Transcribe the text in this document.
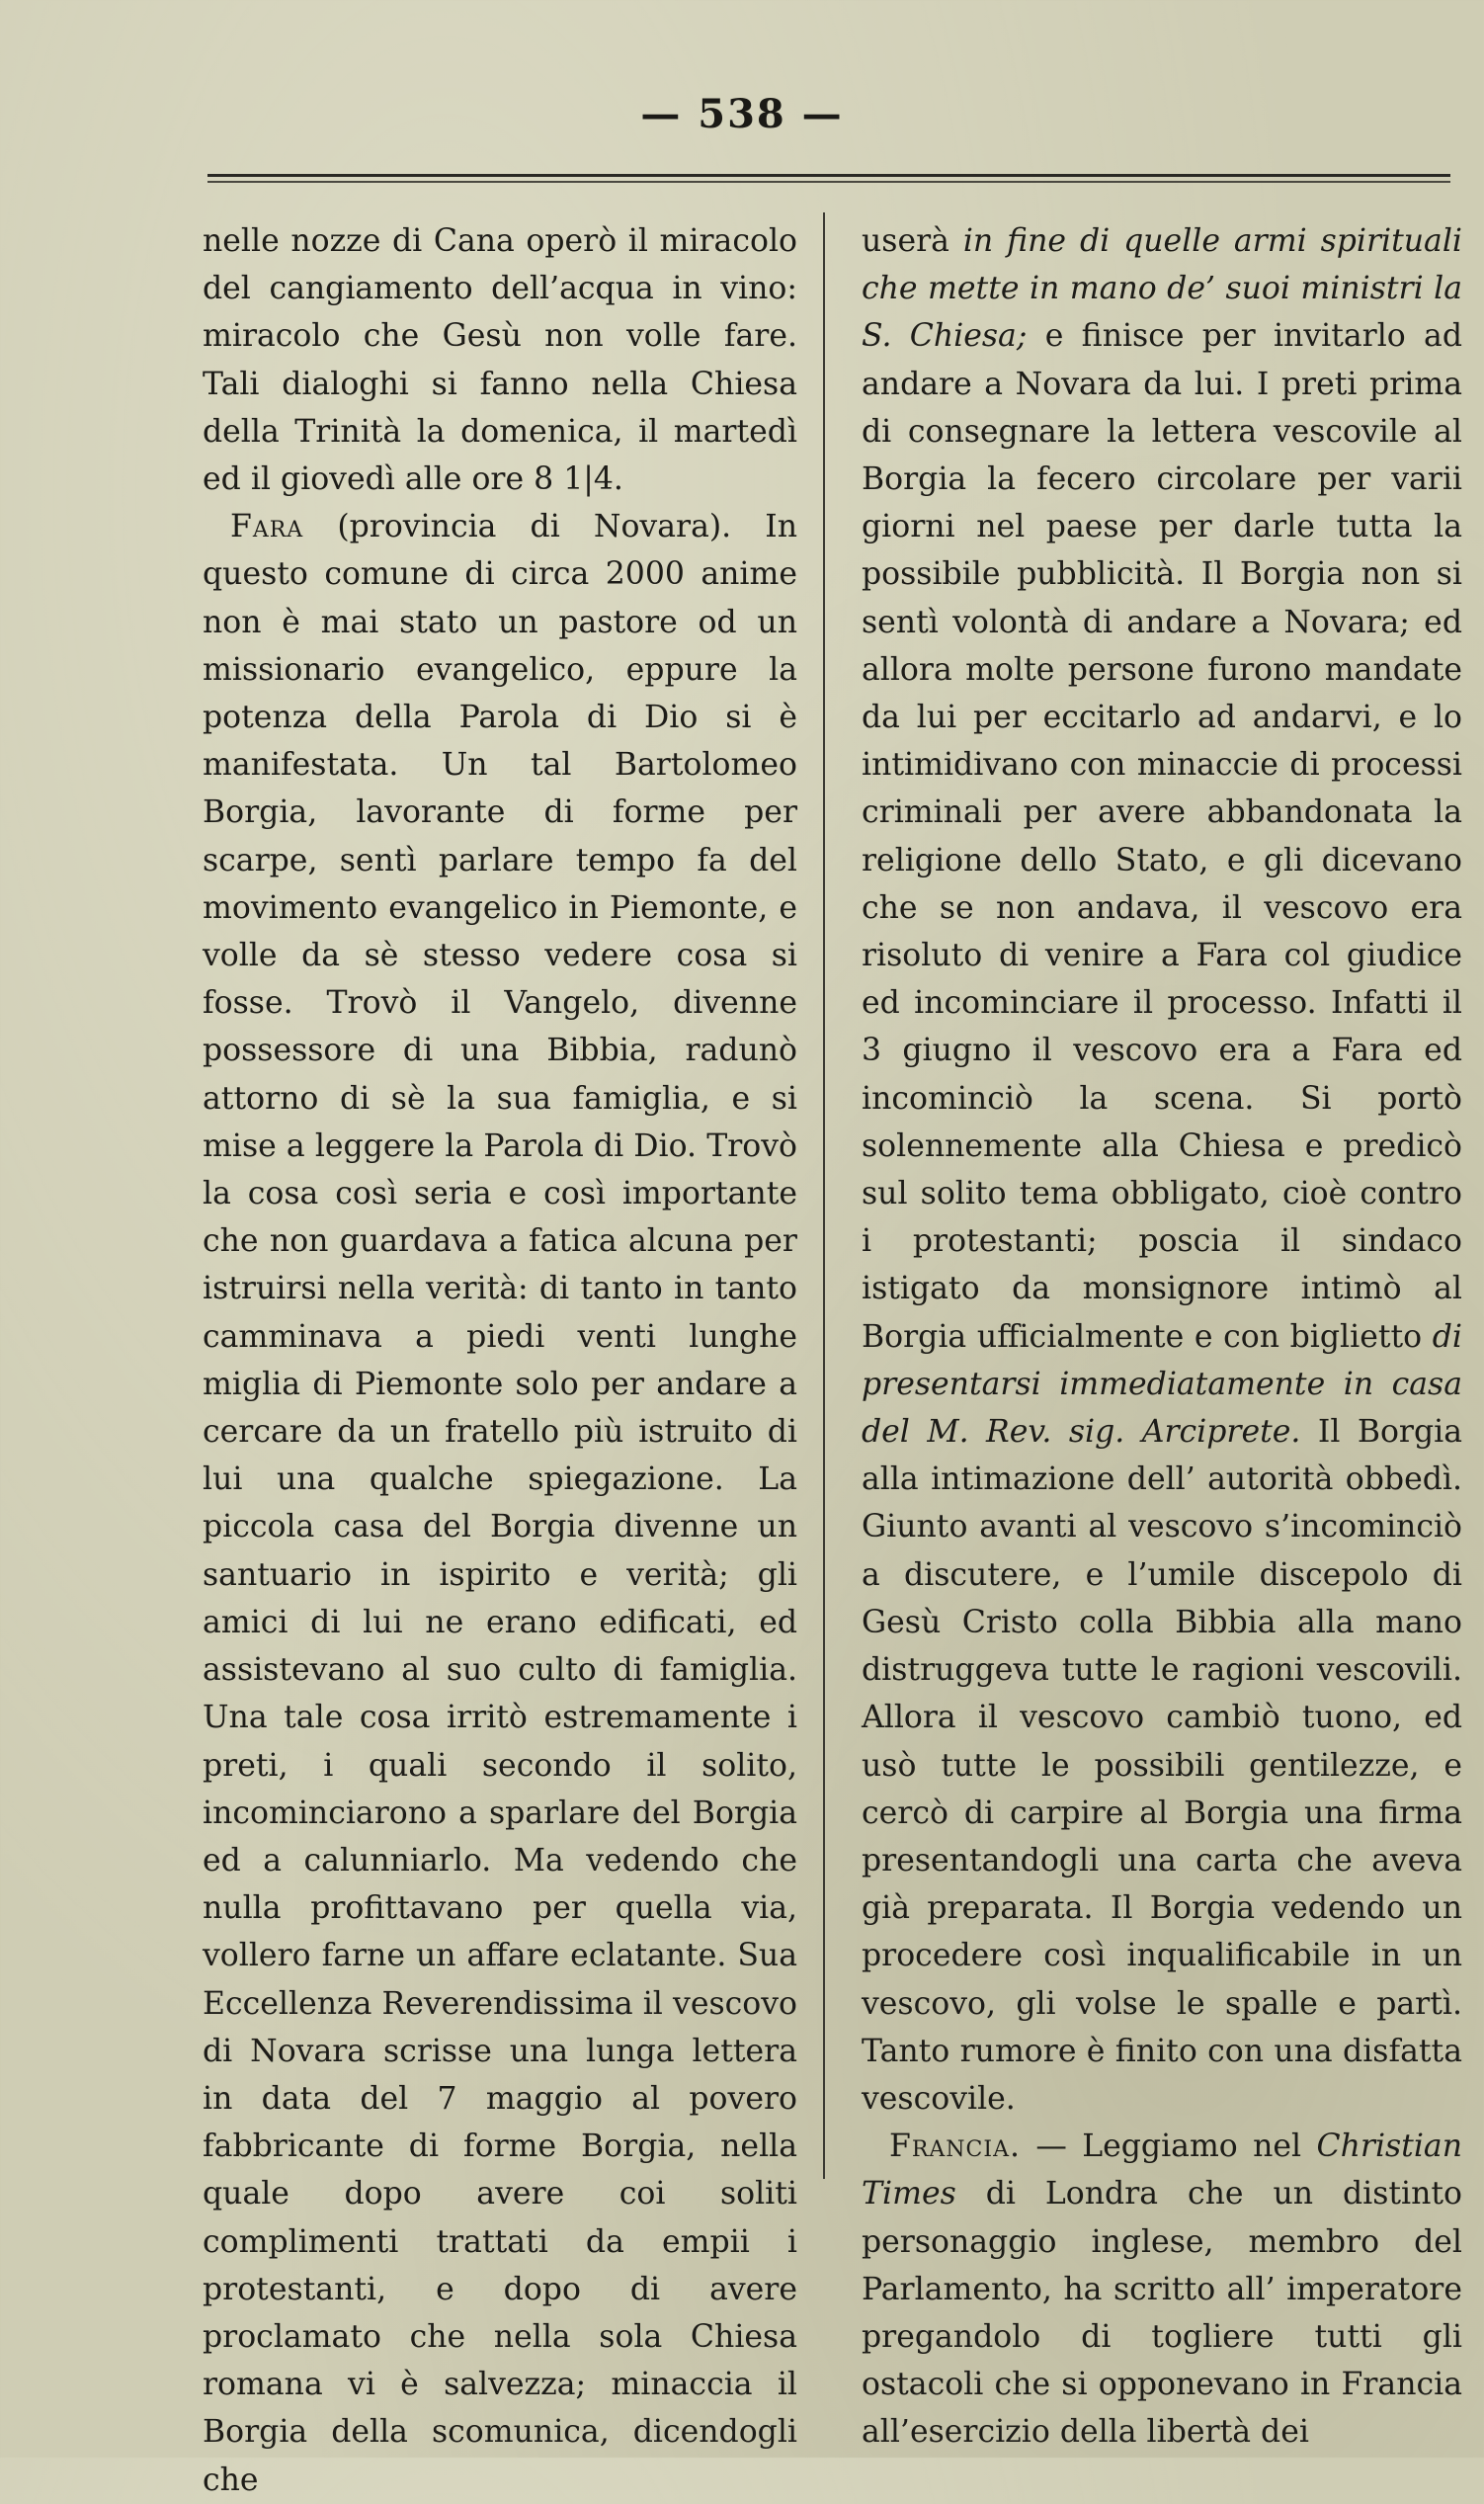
— 538 —

nelle nozze di Cana operò il miracolo del cangiamento dell’acqua in vino: miracolo che Gesù non volle fare. Tali dialoghi si fanno nella Chiesa della Trinità la domenica, il martedì ed il giovedì alle ore 8 1|4.

Fara (provincia di Novara). In questo comune di circa 2000 anime non è mai stato un pastore od un missionario evangelico, eppure la potenza della Parola di Dio si è manifestata. Un tal Bartolomeo Borgia, lavorante di forme per scarpe, sentì parlare tempo fa del movimento evangelico in Piemonte, e volle da sè stesso vedere cosa si fosse. Trovò il Vangelo, divenne possessore di una Bibbia, radunò attorno di sè la sua famiglia, e si mise a leggere la Parola di Dio. Trovò la cosa così seria e così importante che non guardava a fatica alcuna per istruirsi nella verità: di tanto in tanto camminava a piedi venti lunghe miglia di Piemonte solo per andare a cercare da un fratello più istruito di lui una qualche spiegazione. La piccola casa del Borgia divenne un santuario in ispirito e verità; gli amici di lui ne erano edificati, ed assistevano al suo culto di famiglia. Una tale cosa irritò estremamente i preti, i quali secondo il solito, incominciarono a sparlare del Borgia ed a calunniarlo. Ma vedendo che nulla profittavano per quella via, vollero farne un affare eclatante. Sua Eccellenza Reverendissima il vescovo di Novara scrisse una lunga lettera in data del 7 maggio al povero fabbricante di forme Borgia, nella quale dopo avere coi soliti complimenti trattati da empii i protestanti, e dopo di avere proclamato che nella sola Chiesa romana vi è salvezza; minaccia il Borgia della scomunica, dicendogli che

userà in fine di quelle armi spirituali che mette in mano de’ suoi ministri la S. Chiesa; e finisce per invitarlo ad andare a Novara da lui. I preti prima di consegnare la lettera vescovile al Borgia la fecero circolare per varii giorni nel paese per darle tutta la possibile pubblicità. Il Borgia non si sentì volontà di andare a Novara; ed allora molte persone furono mandate da lui per eccitarlo ad andarvi, e lo intimidivano con minaccie di processi criminali per avere abbandonata la religione dello Stato, e gli dicevano che se non andava, il vescovo era risoluto di venire a Fara col giudice ed incominciare il processo. Infatti il 3 giugno il vescovo era a Fara ed incominciò la scena. Si portò solennemente alla Chiesa e predicò sul solito tema obbligato, cioè contro i protestanti; poscia il sindaco istigato da monsignore intimò al Borgia ufficialmente e con biglietto di presentarsi immediatamente in casa del M. Rev. sig. Arciprete. Il Borgia alla intimazione dell’ autorità obbedì. Giunto avanti al vescovo s’incominciò a discutere, e l’umile discepolo di Gesù Cristo colla Bibbia alla mano distruggeva tutte le ragioni vescovili. Allora il vescovo cambiò tuono, ed usò tutte le possibili gentilezze, e cercò di carpire al Borgia una firma presentandogli una carta che aveva già preparata. Il Borgia vedendo un procedere così inqualificabile in un vescovo, gli volse le spalle e partì. Tanto rumore è finito con una disfatta vescovile.

Francia. — Leggiamo nel Christian Times di Londra che un distinto personaggio inglese, membro del Parlamento, ha scritto all’ imperatore pregandolo di togliere tutti gli ostacoli che si opponevano in Francia all’esercizio della libertà dei
